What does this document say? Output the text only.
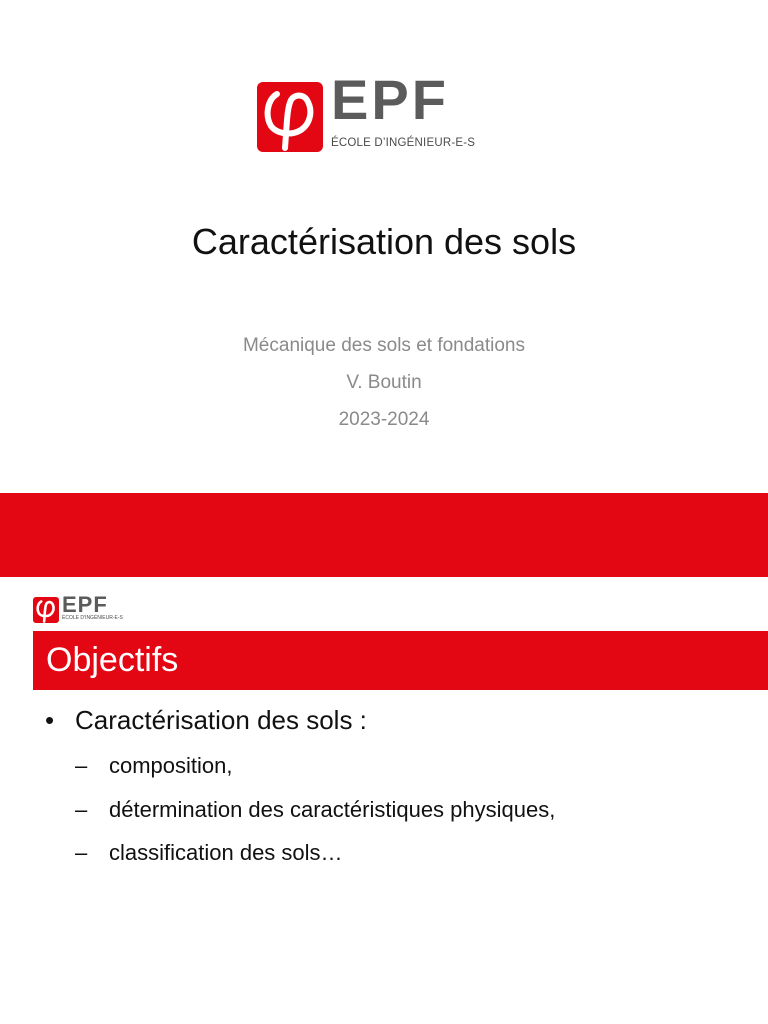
EPF
ÉCOLE D’INGÉNIEUR-E-S
Caractérisation des sols
Mécanique des sols et fondations
V. Boutin
2023-2024
EPF
ÉCOLE D’INGÉNIEUR-E-S
Objectifs
• Caractérisation des sols :
– composition,
– détermination des caractéristiques physiques,
– classification des sols…
